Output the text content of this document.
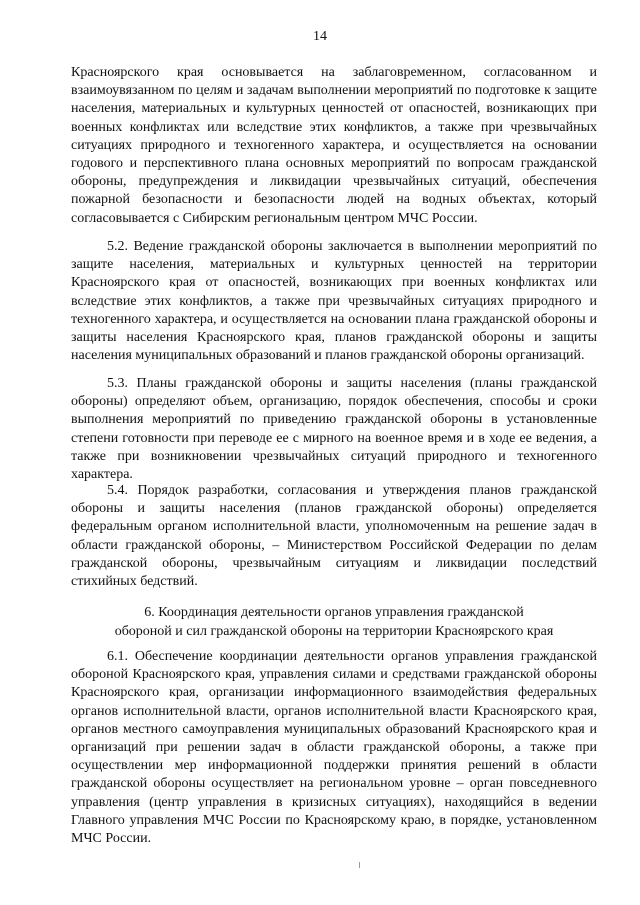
14

Красноярского края основывается на заблаговременном, согласованном и взаимоувязанном по целям и задачам выполнении мероприятий по подготовке к защите населения, материальных и культурных ценностей от опасностей, возникающих при военных конфликтах или вследствие этих конфликтов, а также при чрезвычайных ситуациях природного и техногенного характера, и осуществляется на основании годового и перспективного плана основных мероприятий по вопросам гражданской обороны, предупреждения и ликвидации чрезвычайных ситуаций, обеспечения пожарной безопасности и безопасности людей на водных объектах, который согласовывается с Сибирским региональным центром МЧС России.

5.2. Ведение гражданской обороны заключается в выполнении мероприятий по защите населения, материальных и культурных ценностей на территории Красноярского края от опасностей, возникающих при военных конфликтах или вследствие этих конфликтов, а также при чрезвычайных ситуациях природного и техногенного характера, и осуществляется на основании плана гражданской обороны и защиты населения Красноярского края, планов гражданской обороны и защиты населения муниципальных образований и планов гражданской обороны организаций.

5.3. Планы гражданской обороны и защиты населения (планы гражданской обороны) определяют объем, организацию, порядок обеспечения, способы и сроки выполнения мероприятий по приведению гражданской обороны в установленные степени готовности при переводе ее с мирного на военное время и в ходе ее ведения, а также при возникновении чрезвычайных ситуаций природного и техногенного характера.

5.4. Порядок разработки, согласования и утверждения планов гражданской обороны и защиты населения (планов гражданской обороны) определяется федеральным органом исполнительной власти, уполномоченным на решение задач в области гражданской обороны, – Министерством Российской Федерации по делам гражданской обороны, чрезвычайным ситуациям и ликвидации последствий стихийных бедствий.

6. Координация деятельности органов управления гражданской
обороной и сил гражданской обороны на территории Красноярского края

6.1. Обеспечение координации деятельности органов управления гражданской обороной Красноярского края, управления силами и средствами гражданской обороны Красноярского края, организации информационного взаимодействия федеральных органов исполнительной власти, органов исполнительной власти Красноярского края, органов местного самоуправления муниципальных образований Красноярского края и организаций при решении задач в области гражданской обороны, а также при осуществлении мер информационной поддержки принятия решений в области гражданской обороны осуществляет на региональном уровне – орган повседневного управления (центр управления в кризисных ситуациях), находящийся в ведении Главного управления МЧС России по Красноярскому краю, в порядке, установленном МЧС России.
